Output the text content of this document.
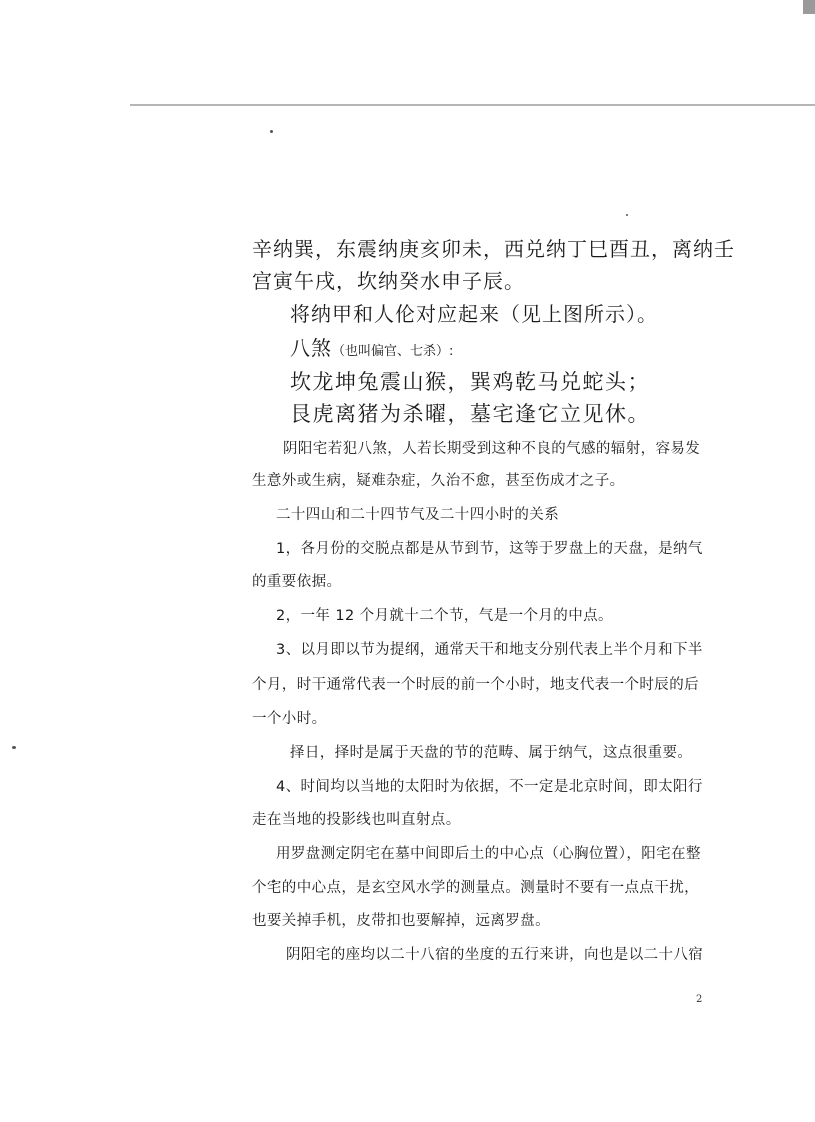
辛纳巽，东震纳庚亥卯未，西兑纳丁巳酉丑，离纳壬
宫寅午戌，坎纳癸水申子辰。
将纳甲和人伦对应起来（见上图所示）。
八煞（也叫偏官、七杀）:
坎龙坤兔震山猴，巽鸡乾马兑蛇头；
艮虎离猪为杀曜，墓宅逢它立见休。
阴阳宅若犯八煞，人若长期受到这种不良的气感的辐射，容易发
生意外或生病，疑难杂症，久治不愈，甚至伤成才之子。
二十四山和二十四节气及二十四小时的关系
1，各月份的交脱点都是从节到节，这等于罗盘上的天盘，是纳气
的重要依据。
2，一年 12 个月就十二个节，气是一个月的中点。
3、以月即以节为提纲，通常天干和地支分别代表上半个月和下半
个月，时干通常代表一个时辰的前一个小时，地支代表一个时辰的后
一个小时。
择日，择时是属于天盘的节的范畴、属于纳气，这点很重要。
4、时间均以当地的太阳时为依据，不一定是北京时间，即太阳行
走在当地的投影线也叫直射点。
用罗盘测定阴宅在墓中间即后土的中心点（心胸位置），阳宅在整
个宅的中心点，是玄空风水学的测量点。测量时不要有一点点干扰，
也要关掉手机，皮带扣也要解掉，远离罗盘。
阴阳宅的座均以二十八宿的坐度的五行来讲，向也是以二十八宿
2
